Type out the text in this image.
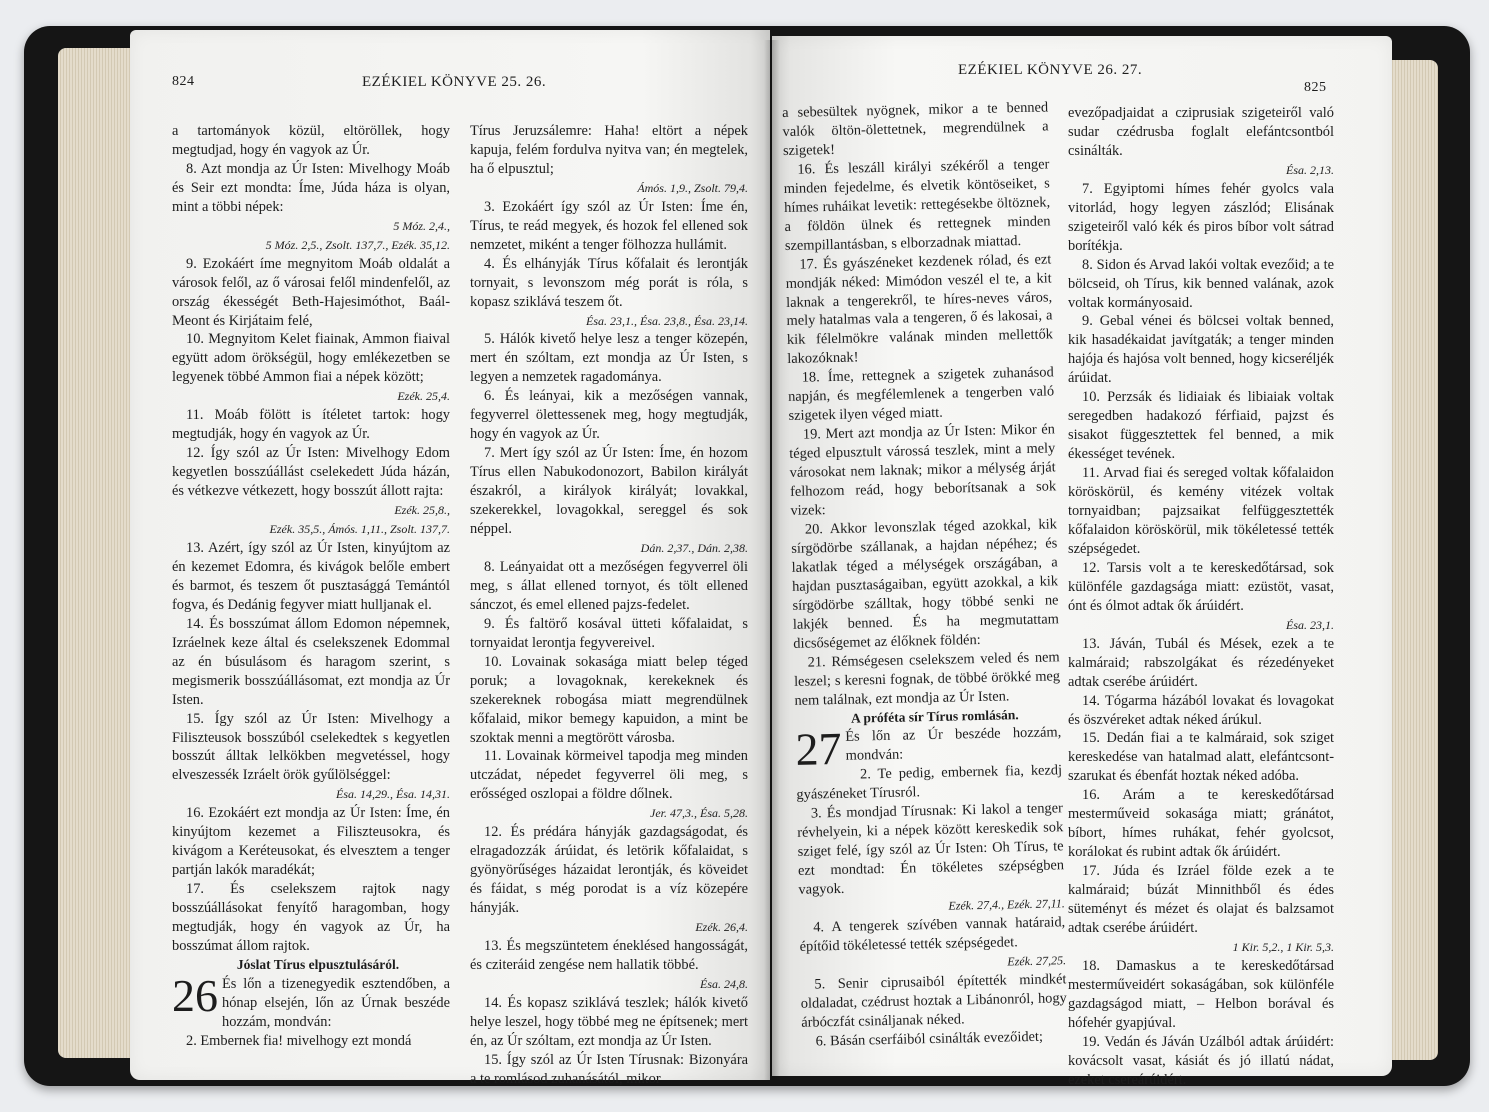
824	EZÉKIEL KÖNYVE 25. 26.

a tartományok közül, eltöröllek, hogy megtudjad, hogy én vagyok az Úr.

8. Azt mondja az Úr Isten: Mivelhogy Moáb és Seir ezt mondta: Íme, Júda háza is olyan, mint a többi népek:

5 Móz. 2,4.,

5 Móz. 2,5., Zsolt. 137,7., Ezék. 35,12.

9. Ezokáért íme megnyitom Moáb oldalát a városok felől, az ő városai felől mindenfelől, az ország ékességét Beth-Hajesimóthot, Baál-Meont és Kirjátaim felé,

10. Megnyitom Kelet fiainak, Ammon fiaival együtt adom örökségül, hogy emlékezetben se legyenek többé Ammon fiai a népek között;

Ezék. 25,4.

11. Moáb fölött is ítéletet tartok: hogy megtudják, hogy én vagyok az Úr.

12. Így szól az Úr Isten: Mivelhogy Edom kegyetlen bosszúállást cselekedett Júda házán, és vétkezve vétkezett, hogy bosszút állott rajta:

Ezék. 25,8.,

Ezék. 35,5., Ámós. 1,11., Zsolt. 137,7.

13. Azért, így szól az Úr Isten, kinyújtom az én kezemet Edomra, és kivágok belőle embert és barmot, és teszem őt pusztasággá Temántól fogva, és Dedánig fegyver miatt hulljanak el.

14. És bosszúmat állom Edomon népemnek, Izráelnek keze által és cselekszenek Edommal az én búsulásom és haragom szerint, s megismerik bosszúállásomat, ezt mondja az Úr Isten.

15. Így szól az Úr Isten: Mivelhogy a Filiszteusok bosszúból cselekedtek s kegyetlen bosszút álltak lelkökben megvetéssel, hogy elveszessék Izráelt örök gyűlölséggel:

Ésa. 14,29., Ésa. 14,31.

16. Ezokáért ezt mondja az Úr Isten: Íme, én kinyújtom kezemet a Filiszteusokra, és kivágom a Keréteusokat, és elvesztem a tenger partján lakók maradékát;

17. És cselekszem rajtok nagy bosszúállásokat fenyítő haragomban, hogy megtudják, hogy én vagyok az Úr, ha bosszúmat állom rajtok.

Jóslat Tírus elpusztulásáról.

26 És lőn a tizenegyedik esztendőben, a hónap elsején, lőn az Úrnak beszéde hozzám, mondván:

2. Embernek fia! mivelhogy ezt mondá

Tírus Jeruzsálemre: Haha! eltört a népek kapuja, felém fordulva nyitva van; én megtelek, ha ő elpusztul;

Ámós. 1,9., Zsolt. 79,4.

3. Ezokáért így szól az Úr Isten: Íme én, Tírus, te reád megyek, és hozok fel ellened sok nemzetet, miként a tenger fölhozza hullámit.

4. És elhányják Tírus kőfalait és lerontják tornyait, s levonszom még porát is róla, s kopasz sziklává teszem őt.

Ésa. 23,1., Ésa. 23,8., Ésa. 23,14.

5. Hálók kivető helye lesz a tenger közepén, mert én szóltam, ezt mondja az Úr Isten, s legyen a nemzetek ragadományа.

6. És leányai, kik a mezőségen vannak, fegyverrel ölettessenek meg, hogy megtudják, hogy én vagyok az Úr.

7. Mert így szól az Úr Isten: Íme, én hozom Tírus ellen Nabukodonozort, Babilon királyát északról, a királyok királyát; lovakkal, szekerekkel, lovagokkal, sereggel és sok néppel.

Dán. 2,37., Dán. 2,38.

8. Leányaidat ott a mezőségen fegyverrel öli meg, s állat ellened tornyot, és tölt ellened sánczot, és emel ellened pajzs-fedelet.

9. És faltörő kosával ütteti kőfalaidat, s tornyaidat lerontja fegyvereivel.

10. Lovainak sokasága miatt belep téged poruk; a lovagoknak, kerekeknek és szekereknek robogása miatt megrendülnek kőfalaid, mikor bemegy kapuidon, a mint be szoktak menni a megtörött városba.

11. Lovainak körmeivel tapodja meg minden utczádat, népedet fegyverrel öli meg, s erősséged oszlopai a földre dőlnek.

Jer. 47,3., Ésa. 5,28.

12. És prédára hányják gazdagságodat, és elragadozzák árúidat, és letörik kőfalaidat, s gyönyörűséges házaidat lerontják, és köveidet és fáidat, s még porodat is a víz közepére hányják.

Ezék. 26,4.

13. És megszüntetem éneklésed hangosságát, és cziteráid zengése nem hallatik többé.

Ésa. 24,8.

14. És kopasz sziklává teszlek; hálók kivető helye leszel, hogy többé meg ne építsenek; mert én, az Úr szóltam, ezt mondja az Úr Isten.

15. Így szól az Úr Isten Tírusnak: Bizonyára a te romlásod zuhanásától, mikor

EZÉKIEL KÖNYVE 26. 27.
825

a sebesültek nyögnek, mikor a te benned valók öltön-ölettetnek, megrendülnek a szigetek!

16. És leszáll királyi székéről a tenger minden fejedelme, és elvetik köntöseiket, s hímes ruháikat levetik: rettegésekbe öltöznek, a földön ülnek és rettegnek minden szempillantásban, s elborzadnak miattad.

17. És gyászéneket kezdenek rólad, és ezt mondják néked: Mimódon veszél el te, a kit laknak a tengerekről, te híres-neves város, mely hatalmas vala a tengeren, ő és lakosai, a kik félelmökre valának minden mellettők lakozóknak!

18. Íme, rettegnek a szigetek zuhanásod napján, és megfélemlenek a tengerben való szigetek ilyen véged miatt.

19. Mert azt mondja az Úr Isten: Mikor én téged elpusztult várossá teszlek, mint a mely városokat nem laknak; mikor a mélység árját felhozom reád, hogy beborítsanak a sok vizek:

20. Akkor levonszlak téged azokkal, kik sírgödörbe szállanak, a hajdan népéhez; és lakatlak téged a mélységek országában, a hajdan pusztaságaiban, együtt azokkal, a kik sírgödörbe szálltak, hogy többé senki ne lakjék benned. És ha megmutattam dicsőségemet az élőknek földén:

21. Rémségesen cselekszem veled és nem leszel; s keresni fognak, de többé örökké meg nem találnak, ezt mondja az Úr Isten.

A próféta sír Tírus romlásán.

27 És lőn az Úr beszéde hozzám, mondván:

2. Te pedig, embernek fia, kezdj gyászéneket Tírusról.

3. És mondjad Tírusnak: Ki lakol a tenger révhelyein, ki a népek között kereskedik sok sziget felé, így szól az Úr Isten: Oh Tírus, te ezt mondtad: Én tökéletes szépségben vagyok.

Ezék. 27,4., Ezék. 27,11.

4. A tengerek szívében vannak határaid, építőid tökéletessé tették szépségedet.

Ezék. 27,25.

5. Senir ciprusaiból építették mindkét oldaladat, czédrust hoztak a Libánonról, hogy árbóczfát csináljanak néked.

6. Básán cserfáiból csinálták evezőidet;

evezőpadjaidat a cziprusiak szigeteiről való sudar czédrusba foglalt elefántcsontból csinálták.

Ésa. 2,13.

7. Egyiptomi hímes fehér gyolcs vala vitorlád, hogy legyen zászlód; Elisának szigeteiről való kék és piros bíbor volt sátrad borítékja.

8. Sidon és Arvad lakói voltak evezőid; a te bölcseid, oh Tírus, kik benned valának, azok voltak kormányosaid.

9. Gebal vénei és bölcsei voltak benned, kik hasadékaidat javítgaták; a tenger minden hajója és hajósa volt benned, hogy kicseréljék árúidat.

10. Perzsák és lidiaiak és libiaiak voltak seregedben hadakozó férfiaid, pajzst és sisakot függesztettek fel benned, a mik ékességet tevének.

11. Arvad fiai és sereged voltak kőfalaidon köröskörül, és kemény vitézek voltak tornyaidban; pajzsaikat felfüggesztették kőfalaidon köröskörül, mik tökéletessé tették szépségedet.

12. Tarsis volt a te kereskedőtársad, sok különféle gazdagsága miatt: ezüstöt, vasat, ónt és ólmot adtak ők árúidért.

Ésa. 23,1.

13. Jáván, Tubál és Mések, ezek a te kalmáraid; rabszolgákat és rézedényeket adtak cserébe árúidért.

14. Tógarma házából lovakat és lovagokat és öszvéreket adtak néked árúkul.

15. Dedán fiai a te kalmáraid, sok sziget kereskedése van hatalmad alatt, elefántcsont-szarukat és ébenfát hoztak néked adóba.

16. Arám a te kereskedőtársad mesterműveid sokasága miatt; gránátot, bíbort, hímes ruhákat, fehér gyolcsot, korálokat és rubint adtak ők árúidért.

17. Júda és Izráel földe ezek a te kalmáraid; búzát Minnithből és édes süteményt és mézet és olajat és balzsamot adtak cserébe árúidért.

1 Kir. 5,2., 1 Kir. 5,3.

18. Damaskus a te kereskedőtársad mesterműveidért sokaságában, sok különféle gazdagságod miatt, – Helbon borával és hófehér gyapjúval.

19. Vedán és Jáván Uzálból adtak árúidért: kovácsolt vasat, kásiát és jó illatú nádat, ezeket csereárúidért.
